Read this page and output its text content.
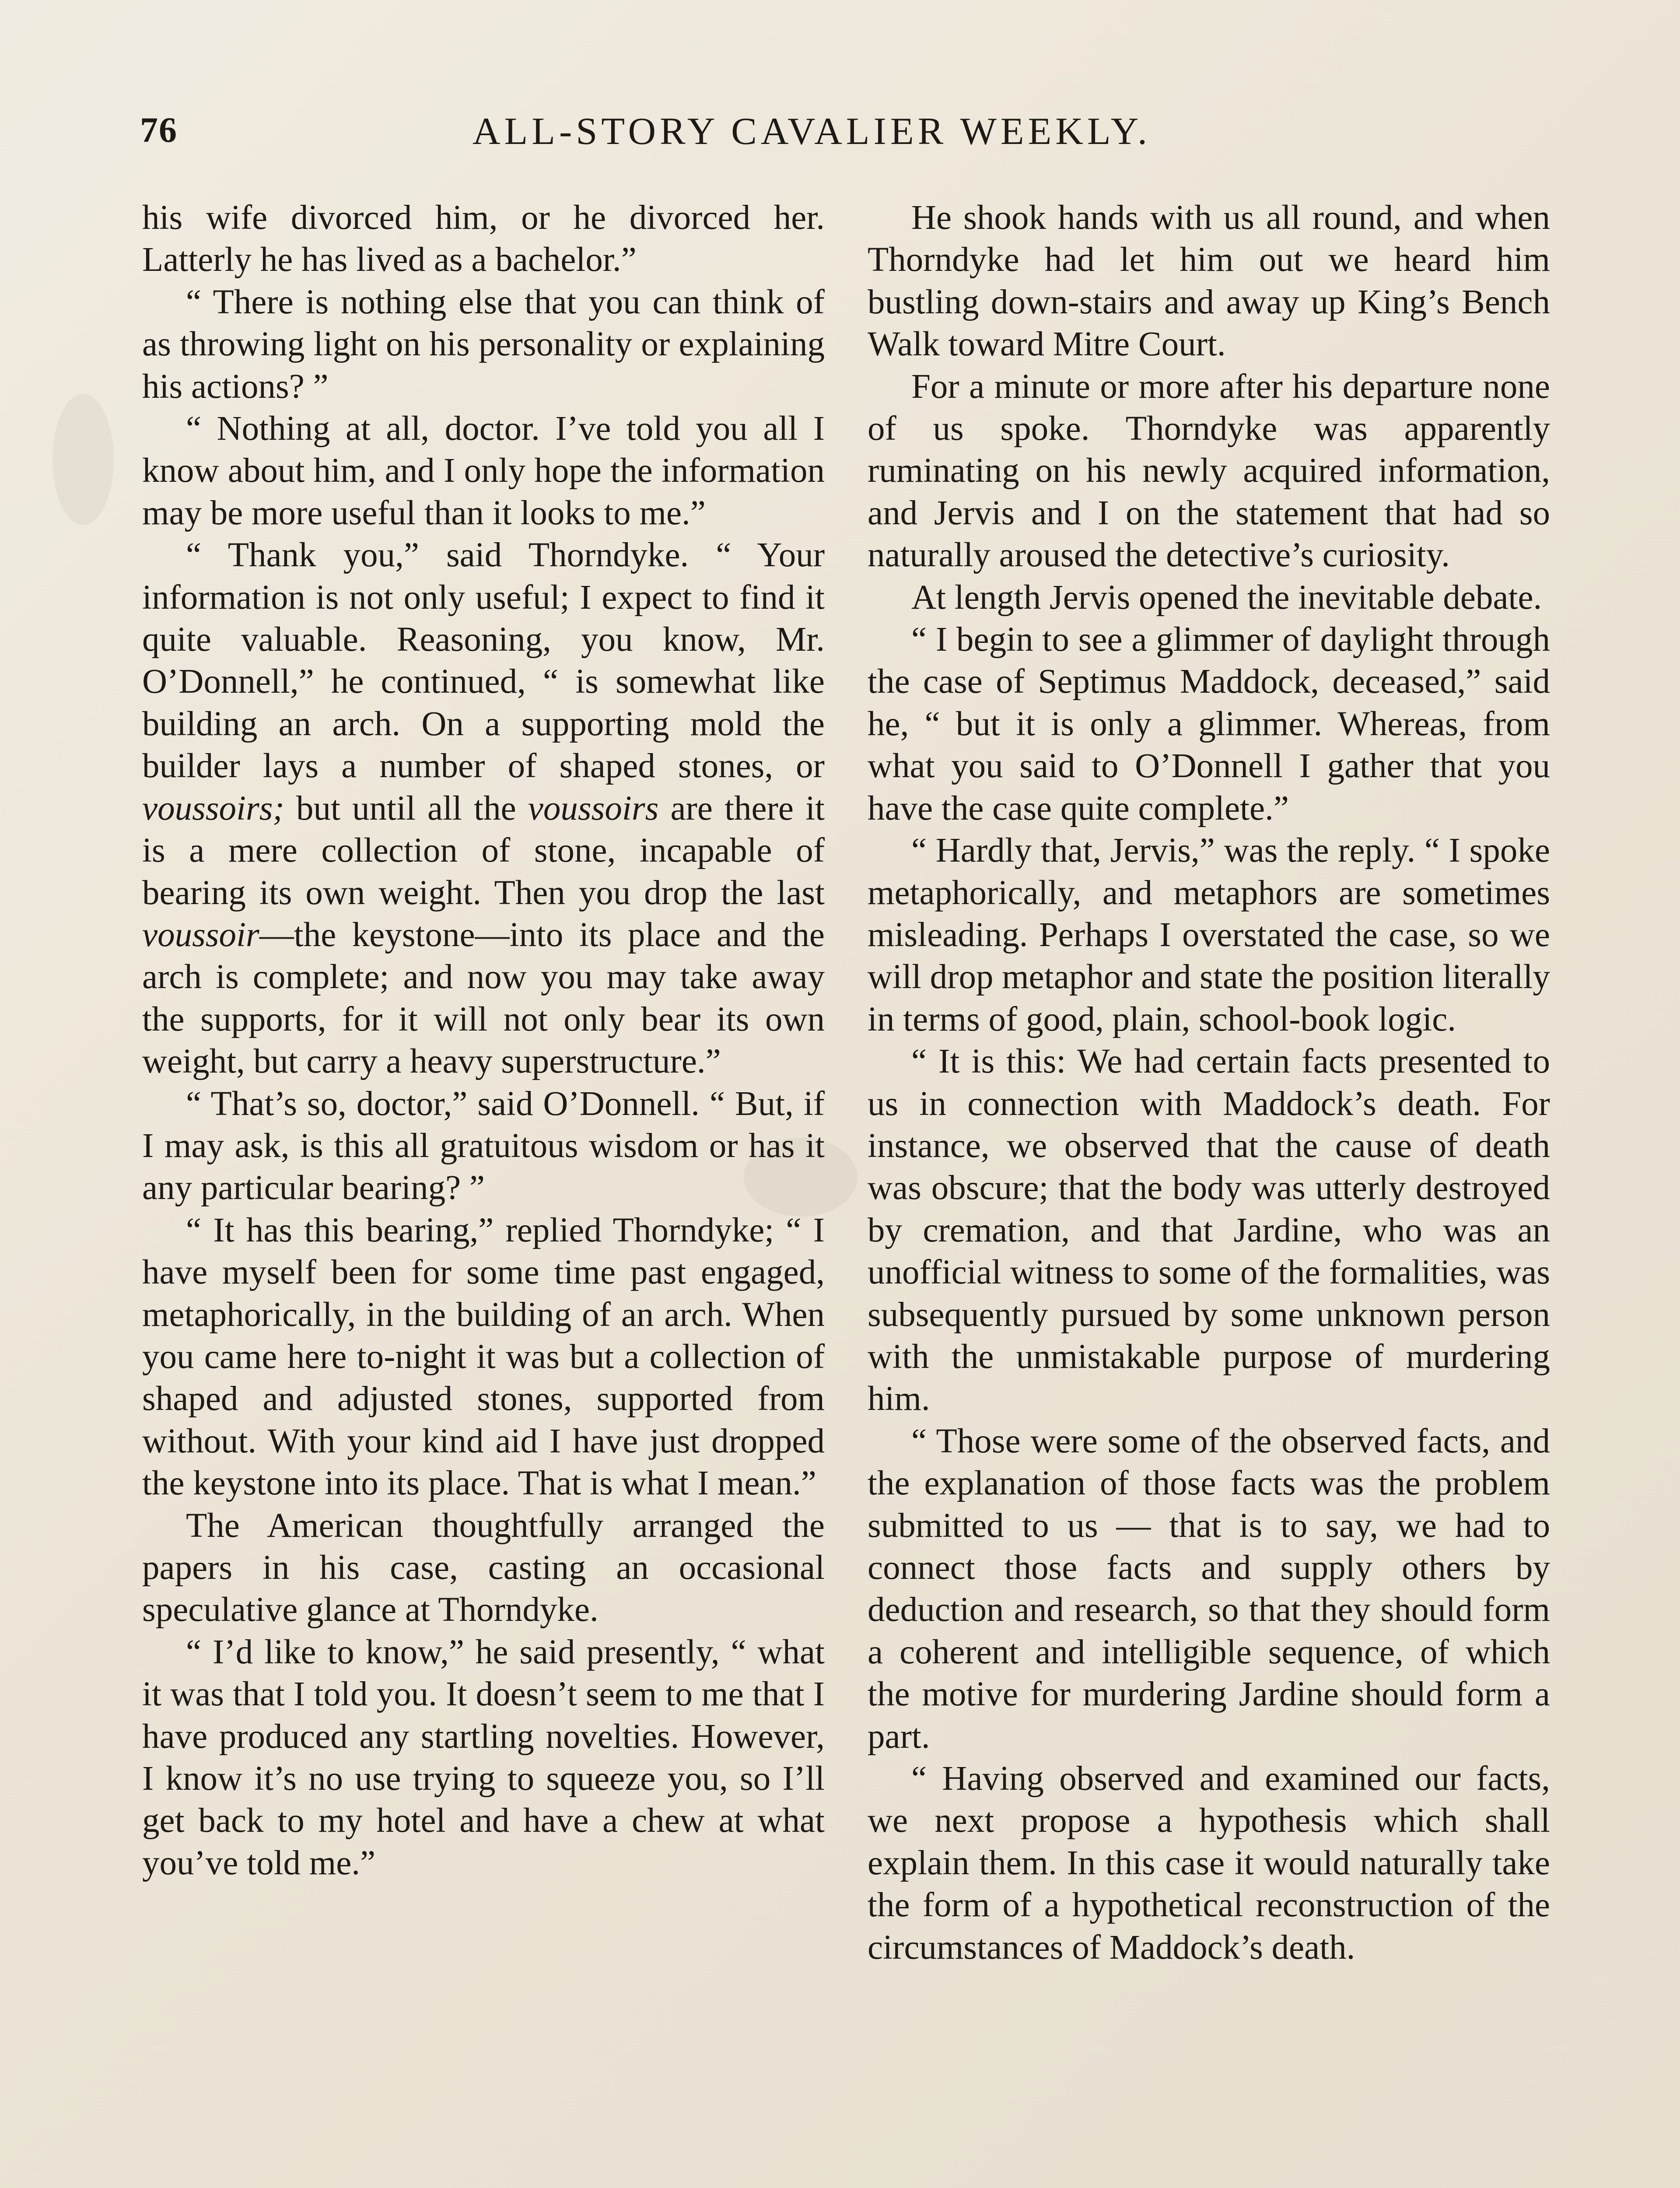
76	ALL-STORY CAVALIER WEEKLY.

his wife divorced him, or he divorced her. Latterly he has lived as a bachelor.”

“ There is nothing else that you can think of as throwing light on his personality or explaining his actions? ”

“ Nothing at all, doctor. I’ve told you all I know about him, and I only hope the information may be more useful than it looks to me.”

“ Thank you,” said Thorndyke. “ Your information is not only useful; I expect to find it quite valuable. Reasoning, you know, Mr. O’Donnell,” he continued, “ is somewhat like building an arch. On a supporting mold the builder lays a number of shaped stones, or voussoirs; but until all the voussoirs are there it is a mere collection of stone, incapable of bearing its own weight. Then you drop the last voussoir—the keystone—into its place and the arch is complete; and now you may take away the supports, for it will not only bear its own weight, but carry a heavy superstructure.”

“ That’s so, doctor,” said O’Donnell. “ But, if I may ask, is this all gratuitous wisdom or has it any particular bearing? ”

“ It has this bearing,” replied Thorndyke; “ I have myself been for some time past engaged, metaphorically, in the building of an arch. When you came here to-night it was but a collection of shaped and adjusted stones, supported from without. With your kind aid I have just dropped the keystone into its place. That is what I mean.”

The American thoughtfully arranged the papers in his case, casting an occasional speculative glance at Thorndyke.

“ I’d like to know,” he said presently, “ what it was that I told you. It doesn’t seem to me that I have produced any startling novelties. However, I know it’s no use trying to squeeze you, so I’ll get back to my hotel and have a chew at what you’ve told me.”

He shook hands with us all round, and when Thorndyke had let him out we heard him bustling down-stairs and away up King’s Bench Walk toward Mitre Court.

For a minute or more after his departure none of us spoke. Thorndyke was apparently ruminating on his newly acquired information, and Jervis and I on the statement that had so naturally aroused the detective’s curiosity.

At length Jervis opened the inevitable debate.

“ I begin to see a glimmer of daylight through the case of Septimus Maddock, deceased,” said he, “ but it is only a glimmer. Whereas, from what you said to O’Donnell I gather that you have the case quite complete.”

“ Hardly that, Jervis,” was the reply. “ I spoke metaphorically, and metaphors are sometimes misleading. Perhaps I overstated the case, so we will drop metaphor and state the position literally in terms of good, plain, school-book logic.

“ It is this: We had certain facts presented to us in connection with Maddock’s death. For instance, we observed that the cause of death was obscure; that the body was utterly destroyed by cremation, and that Jardine, who was an unofficial witness to some of the formalities, was subsequently pursued by some unknown person with the unmistakable purpose of murdering him.

“ Those were some of the observed facts, and the explanation of those facts was the problem submitted to us — that is to say, we had to connect those facts and supply others by deduction and research, so that they should form a coherent and intelligible sequence, of which the motive for murdering Jardine should form a part.

“ Having observed and examined our facts, we next propose a hypothesis which shall explain them. In this case it would naturally take the form of a hypothetical reconstruction of the circumstances of Maddock’s death.
